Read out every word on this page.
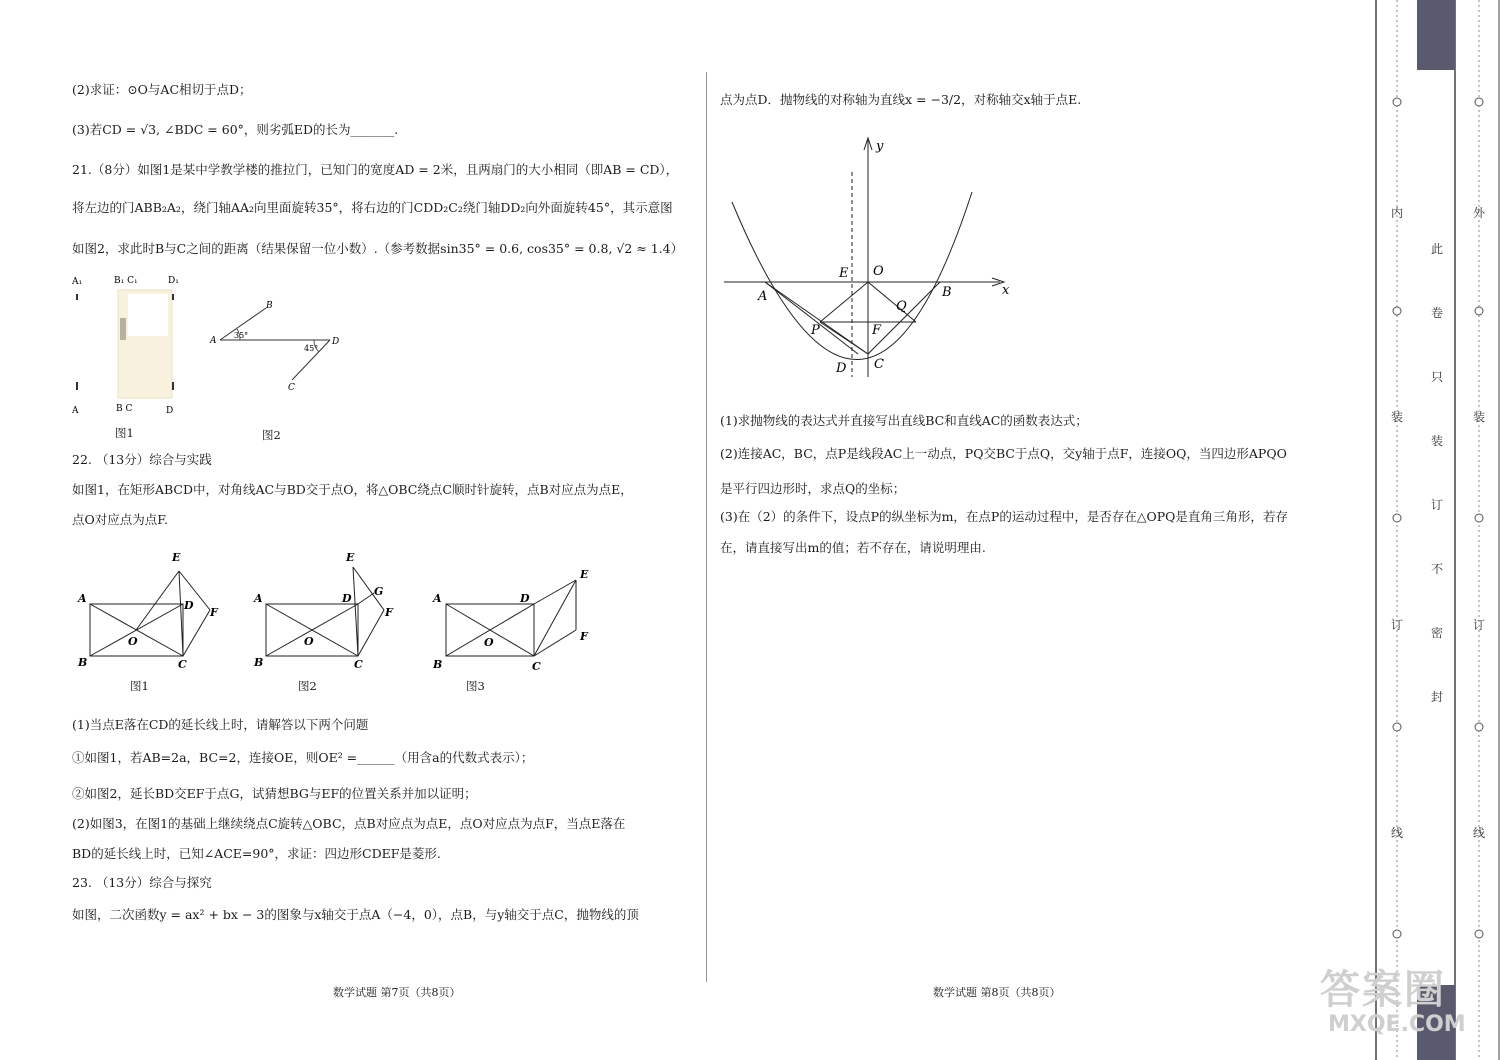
(2)求证：⊙O与AC相切于点D；
(3)若CD = √3, ∠BDC = 60°，则劣弧ED的长为_______.
21.（8分）如图1是某中学教学楼的推拉门，已知门的宽度AD = 2米，且两扇门的大小相同（即AB = CD），
将左边的门ABB₂A₂，绕门轴AA₂向里面旋转35°，将右边的门CDD₂C₂绕门轴DD₂向外面旋转45°，其示意图
如图2，求此时B与C之间的距离（结果保留一位小数）.（参考数据sin35° = 0.6, cos35° = 0.8, √2 ≈ 1.4）
A₁	B₁ C₁	D₁
A	B C	D
B
A	D
C
35°
45°
图1	图2
22. （13分）综合与实践
如图1，在矩形ABCD中，对角线AC与BD交于点O，将△OBC绕点C顺时针旋转，点B对应点为点E，
点O对应点为点F.
A
B	C
D
O
E
F
A
B	C
D
O
E
G
F
A
B	C
D
O
E
F
图1	图2	图3
(1)当点E落在CD的延长线上时，请解答以下两个问题
①如图1，若AB=2a，BC=2，连接OE，则OE² =______（用含a的代数式表示）；
②如图2，延长BD交EF于点G，试猜想BG与EF的位置关系并加以证明；
(2)如图3，在图1的基础上继续绕点C旋转△OBC，点B对应点为点E，点O对应点为点F，当点E落在
BD的延长线上时，已知∠ACE=90°，求证：四边形CDEF是菱形.
23. （13分）综合与探究
如图，二次函数y = ax² + bx − 3的图象与x轴交于点A（−4，0），点B，与y轴交于点C，抛物线的顶
数学试题 第7页（共8页）
点为点D．抛物线的对称轴为直线x = −3/2，对称轴交x轴于点E.
y
x
E O
A	B
Q
P	F
D C
(1)求抛物线的表达式并直接写出直线BC和直线AC的函数表达式；
(2)连接AC，BC，点P是线段AC上一动点，PQ交BC于点Q，交y轴于点F，连接OQ，当四边形APQO
是平行四边形时，求点Q的坐标；
(3)在（2）的条件下，设点P的纵坐标为m，在点P的运动过程中，是否存在△OPQ是直角三角形，若存
在，请直接写出m的值；若不存在，请说明理由.
数学试题 第8页（共8页）
内
装
订
线
此
卷
只
装
订
不
密
封
外
装
订
线
答案圈
MXQE.COM
